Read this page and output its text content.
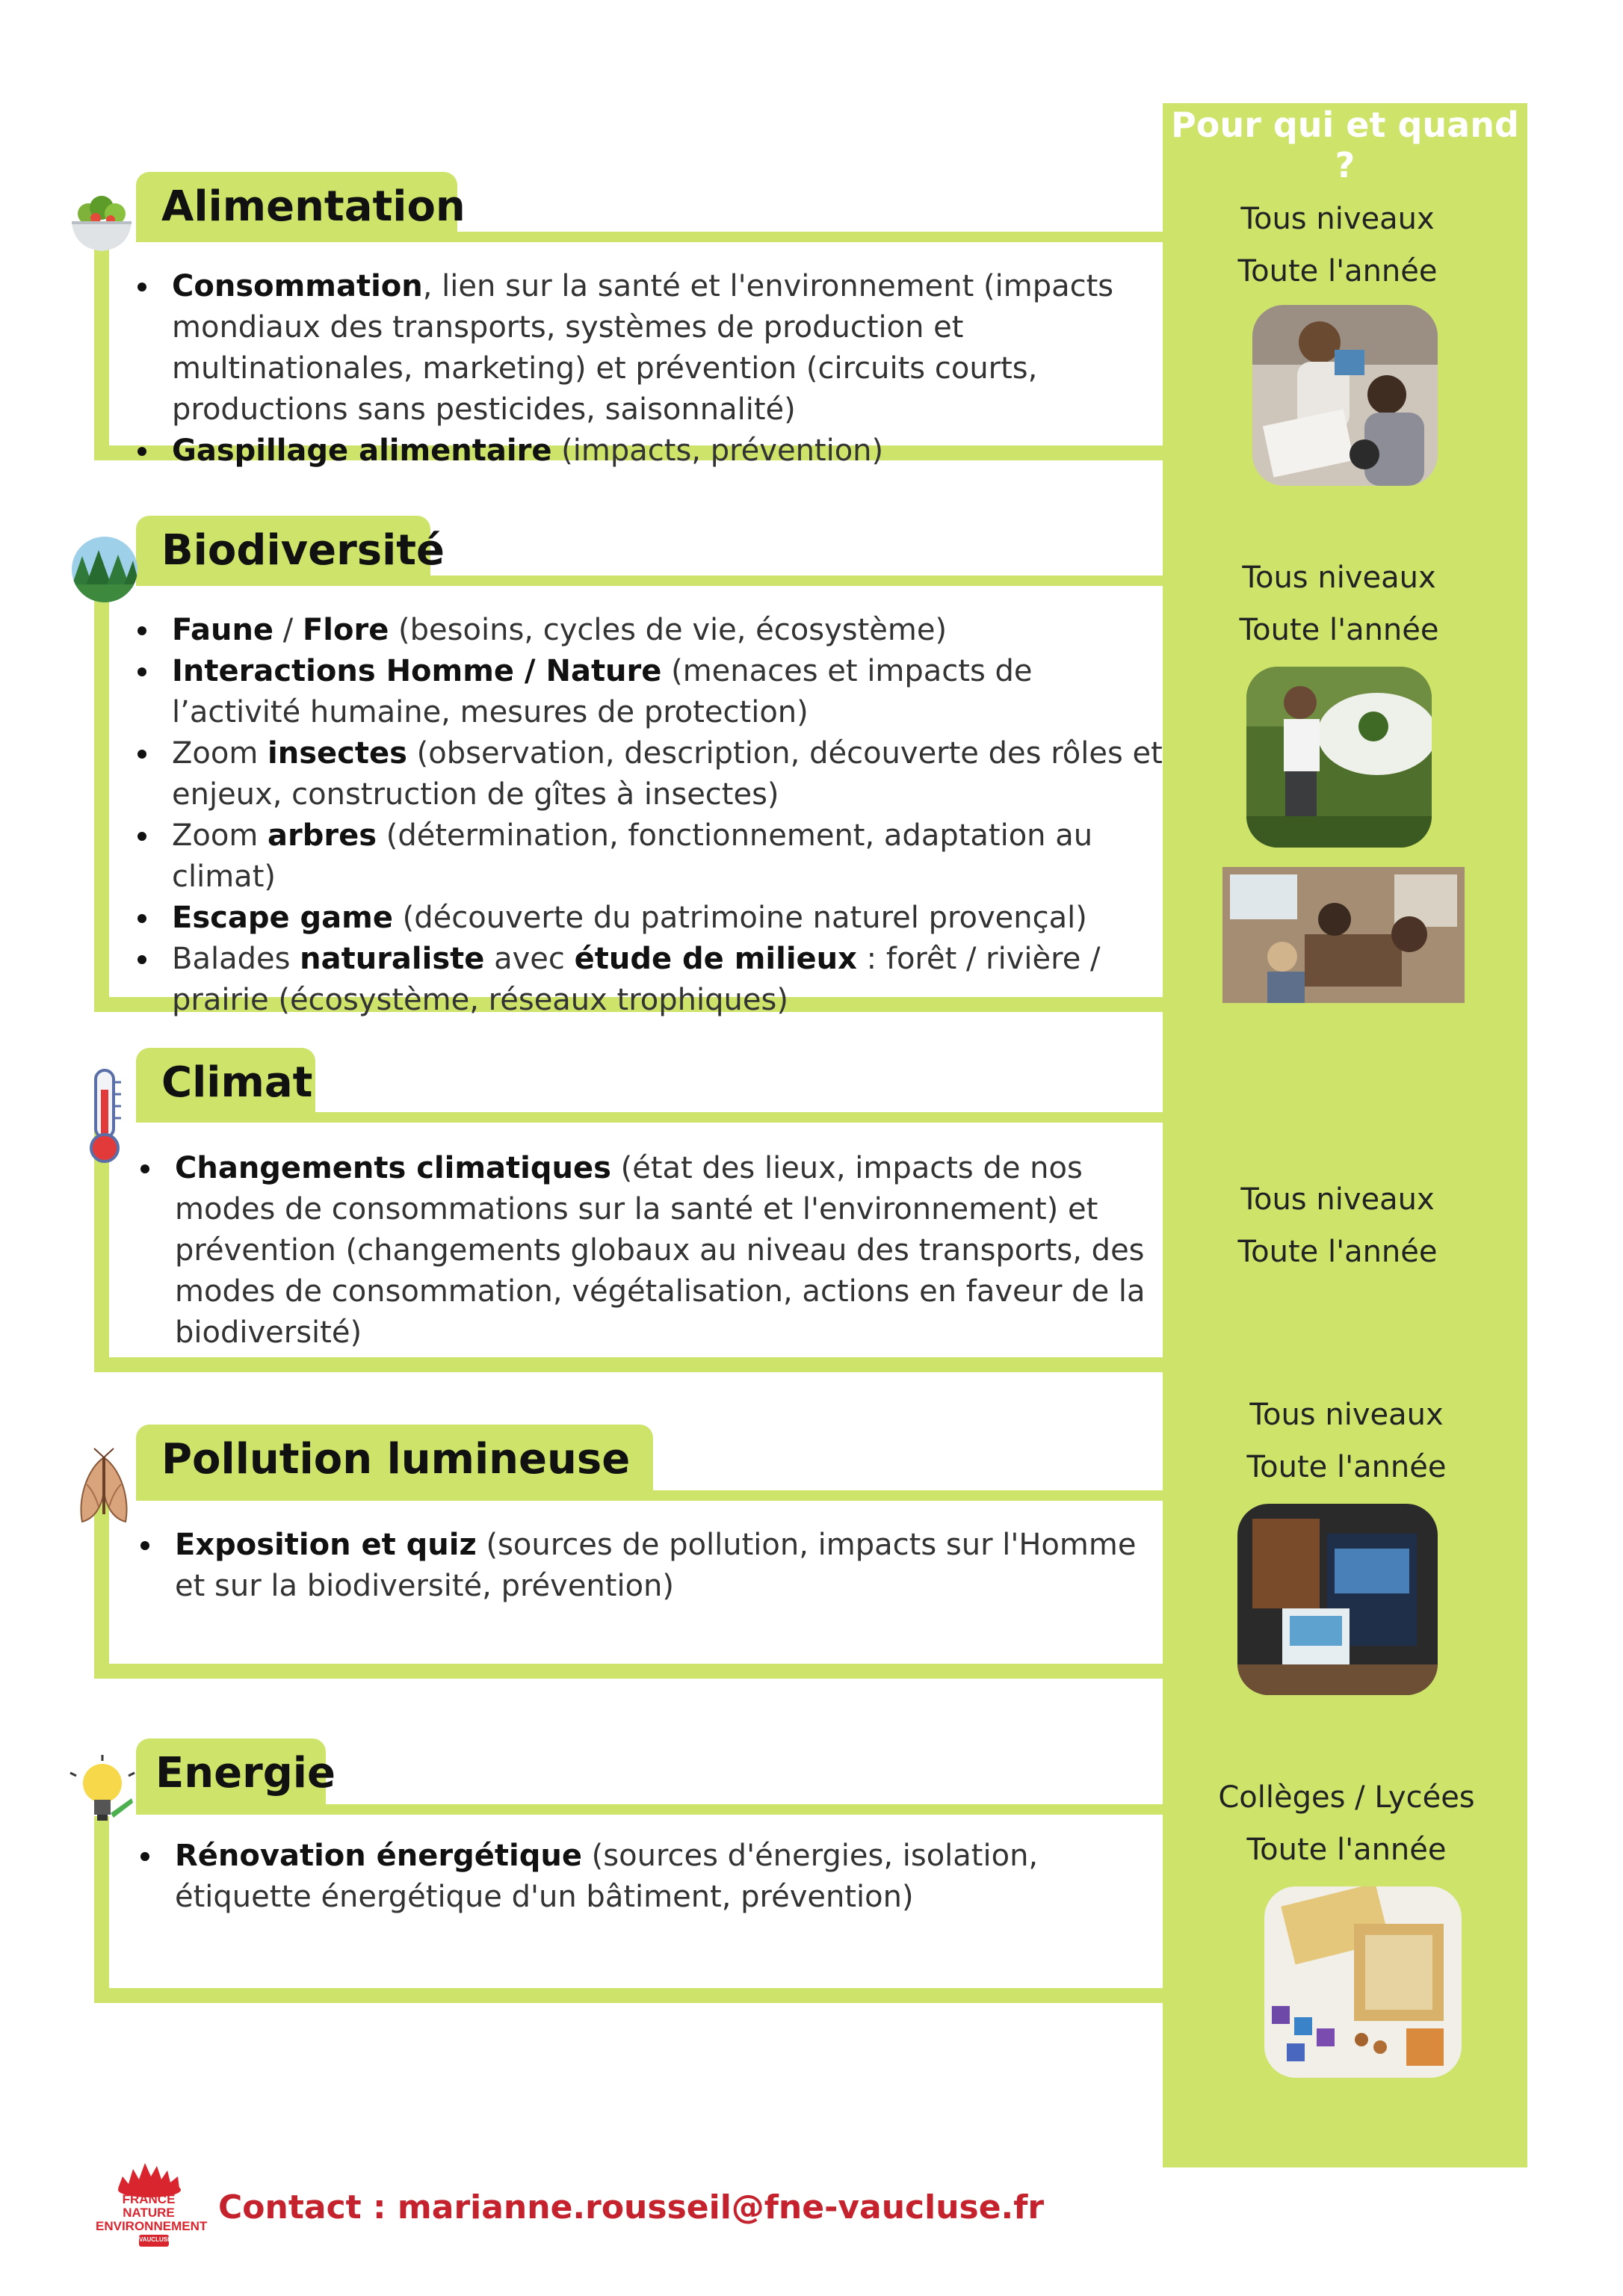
Pour qui et quand ?
Tous niveaux
Toute l'année
Tous niveaux
Toute l'année
Tous niveaux
Toute l'année
Tous niveaux
Toute l'année
Collèges / Lycées
Toute l'année
Alimentation
Consommation, lien sur la santé et l'environnement (impacts mondiaux des transports, systèmes de production et multinationales, marketing) et prévention (circuits courts, productions sans pesticides, saisonnalité)
Gaspillage alimentaire (impacts, prévention)
Biodiversité
Faune / Flore (besoins, cycles de vie, écosystème)
Interactions Homme / Nature (menaces et impacts de l’activité humaine, mesures de protection)
Zoom insectes (observation, description, découverte des rôles et enjeux, construction de gîtes à insectes)
Zoom arbres (détermination, fonctionnement, adaptation au climat)
Escape game (découverte du patrimoine naturel provençal)
Balades naturaliste avec étude de milieux : forêt / rivière / prairie (écosystème, réseaux trophiques)
Climat
Changements climatiques (état des lieux, impacts de nos modes de consommations sur la santé et l'environnement) et prévention (changements globaux au niveau des transports, des modes de consommation, végétalisation, actions en faveur de la biodiversité)
Pollution lumineuse
Exposition et quiz (sources de pollution, impacts sur l'Homme et sur la biodiversité, prévention)
Energie
Rénovation énergétique (sources d'énergies, isolation, étiquette énergétique d'un bâtiment, prévention)
FRANCE NATURE
ENVIRONNEMENT
VAUCLUSE
Contact : marianne.rousseil@fne-vaucluse.fr
